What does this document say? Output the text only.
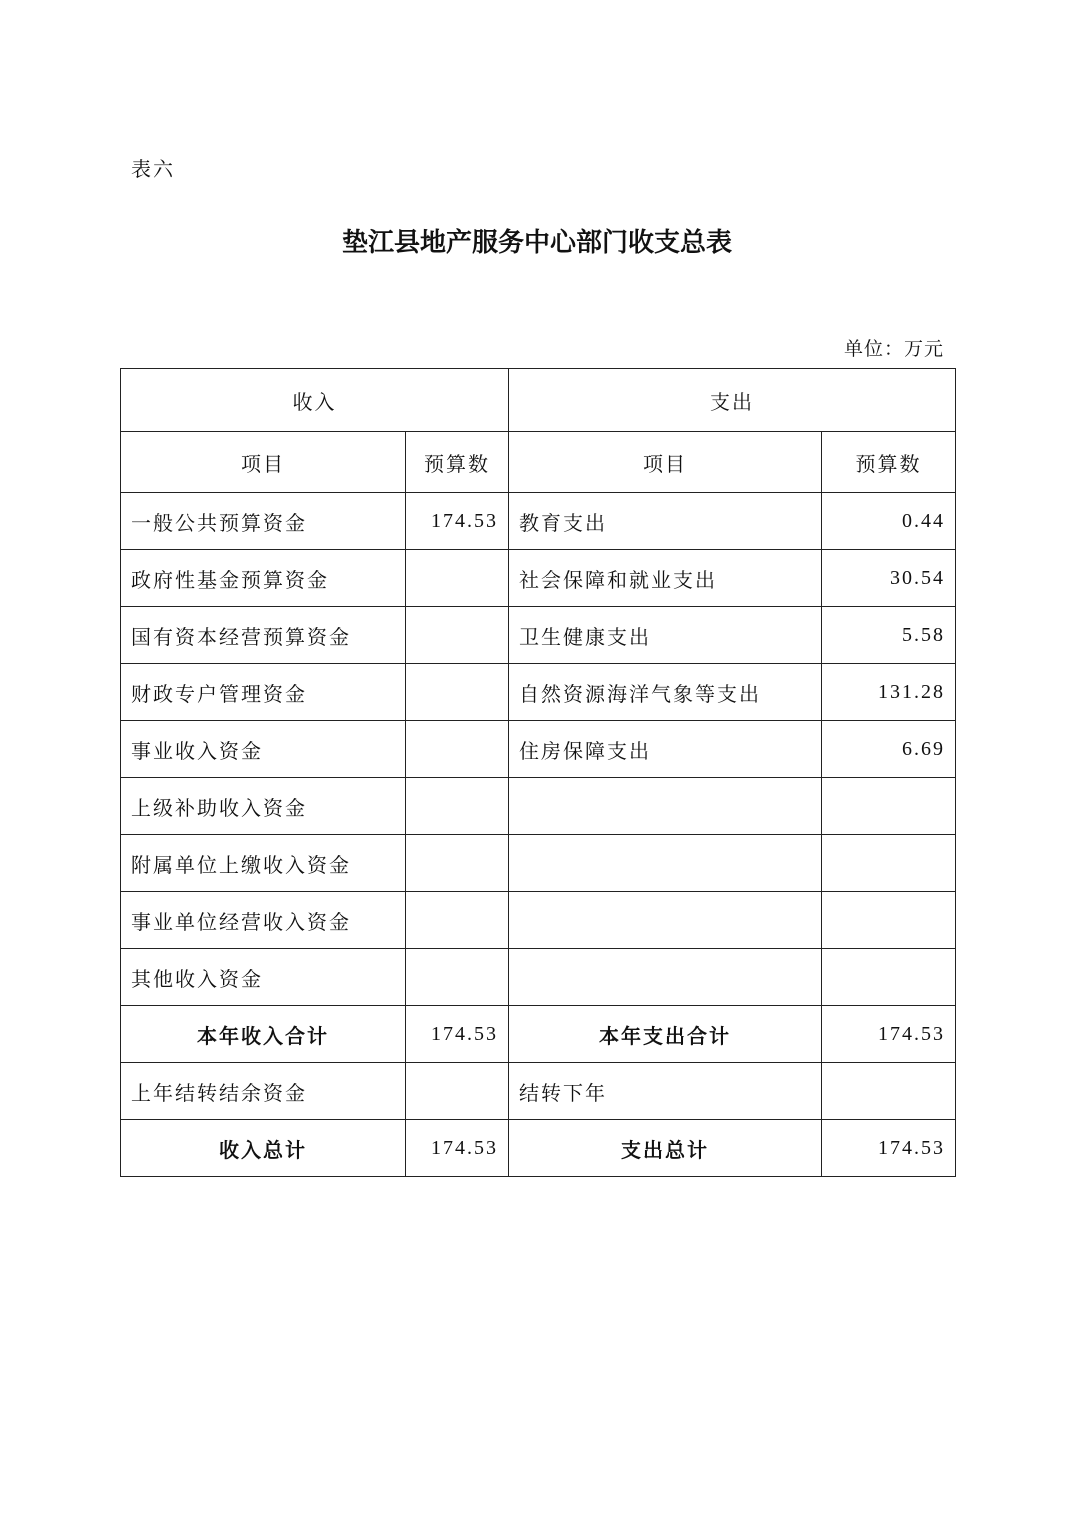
表六
垫江县地产服务中心部门收支总表
单位：万元
收入		支出	
项目	预算数	项目	预算数
一般公共预算资金	174.53	教育支出	0.44
政府性基金预算资金		社会保障和就业支出	30.54
国有资本经营预算资金		卫生健康支出	5.58
财政专户管理资金		自然资源海洋气象等支出	131.28
事业收入资金		住房保障支出	6.69
上级补助收入资金			
附属单位上缴收入资金			
事业单位经营收入资金			
其他收入资金			
本年收入合计	174.53	本年支出合计	174.53
上年结转结余资金		结转下年	
收入总计	174.53	支出总计	174.53
